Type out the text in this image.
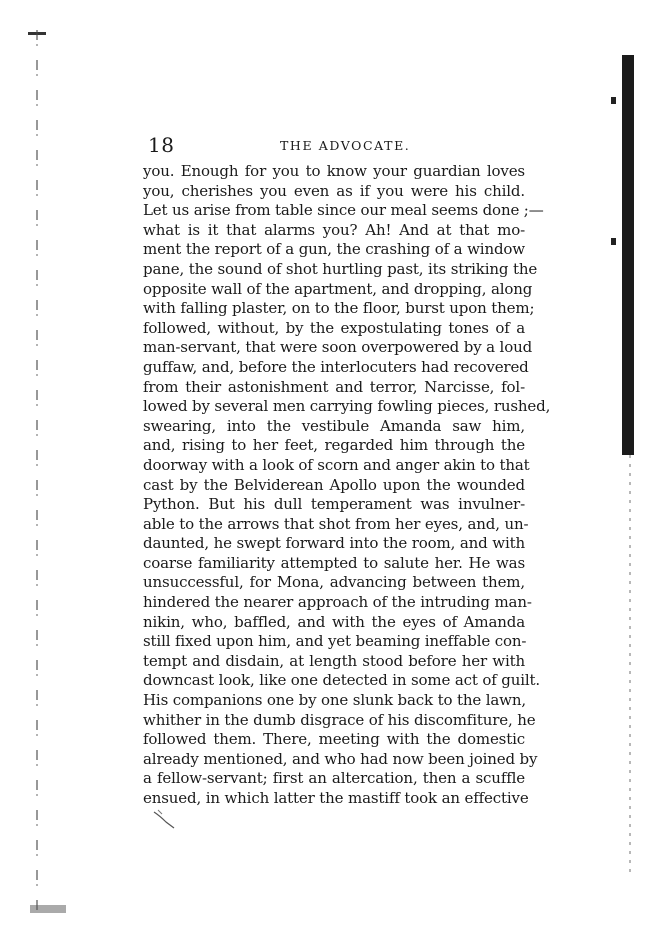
18	THE ADVOCATE.
you. Enough for you to know your guardian loves
you, cherishes you even as if you were his child.
Let us arise from table since our meal seems done ;—
what is it that alarms you? Ah! And at that mo-
ment the report of a gun, the crashing of a window
pane, the sound of shot hurtling past, its striking the
opposite wall of the apartment, and dropping, along
with falling plaster, on to the floor, burst upon them;
followed, without, by the expostulating tones of a
man-servant, that were soon overpowered by a loud
guffaw, and, before the interlocuters had recovered
from their astonishment and terror, Narcisse, fol-
lowed by several men carrying fowling pieces, rushed,
swearing, into the vestibule Amanda saw him,
and, rising to her feet, regarded him through the
doorway with a look of scorn and anger akin to that
cast by the Belviderean Apollo upon the wounded
Python. But his dull temperament was invulner-
able to the arrows that shot from her eyes, and, un-
daunted, he swept forward into the room, and with
coarse familiarity attempted to salute her. He was
unsuccessful, for Mona, advancing between them,
hindered the nearer approach of the intruding man-
nikin, who, baffled, and with the eyes of Amanda
still fixed upon him, and yet beaming ineffable con-
tempt and disdain, at length stood before her with
downcast look, like one detected in some act of guilt.
His companions one by one slunk back to the lawn,
whither in the dumb disgrace of his discomfiture, he
followed them. There, meeting with the domestic
already mentioned, and who had now been joined by
a fellow-servant; first an altercation, then a scuffle
ensued, in which latter the mastiff took an effective
